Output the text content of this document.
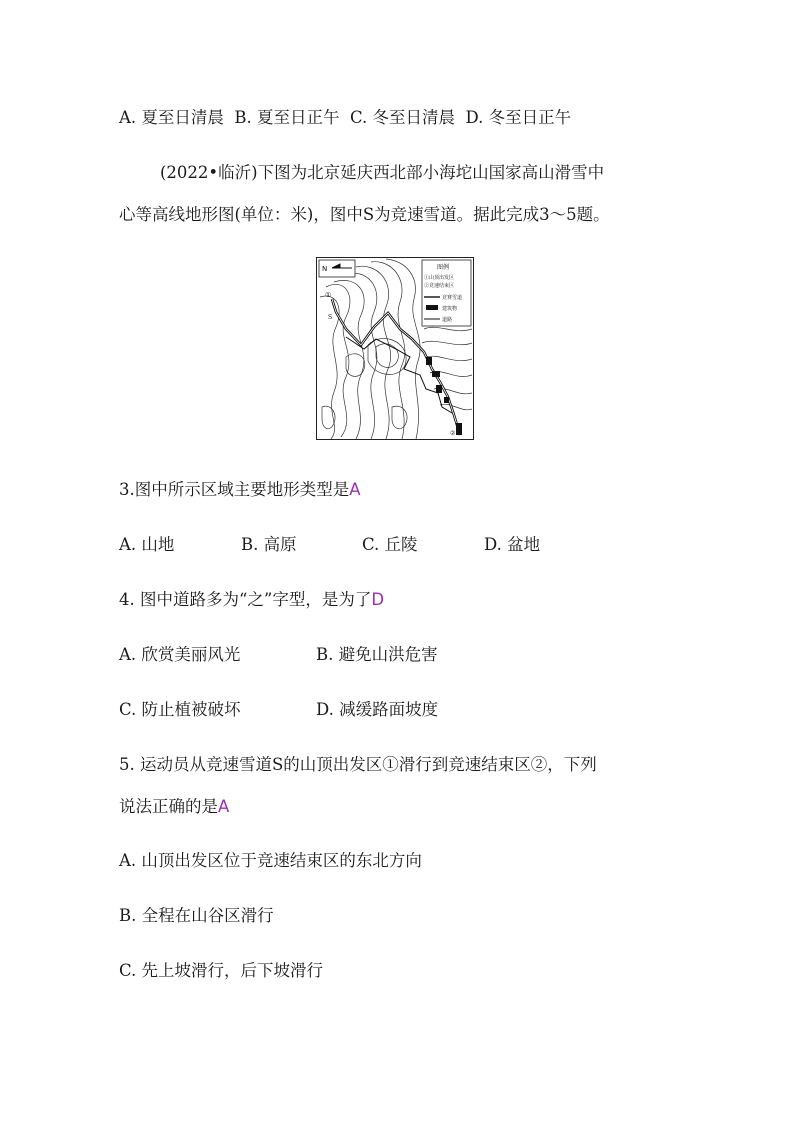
A. 夏至日清晨  B. 夏至日正午  C. 冬至日清晨  D. 冬至日正午
(2022•临沂)下图为北京延庆西北部小海坨山国家高山滑雪中
心等高线地形图(单位：米)，图中S为竞速雪道。据此完成3～5题。
N	图例
①山顶出发区
②竞速结束区
竞赛雪道
建筑物
道路
①
S
②
3.图中所示区域主要地形类型是A
A. 山地	B. 高原	C. 丘陵	D. 盆地
4. 图中道路多为“之”字型，是为了D
A. 欣赏美丽风光	B. 避免山洪危害
C. 防止植被破坏	D. 减缓路面坡度
5. 运动员从竞速雪道S的山顶出发区①滑行到竞速结束区②，下列
说法正确的是A
A. 山顶出发区位于竞速结束区的东北方向
B. 全程在山谷区滑行
C. 先上坡滑行，后下坡滑行
